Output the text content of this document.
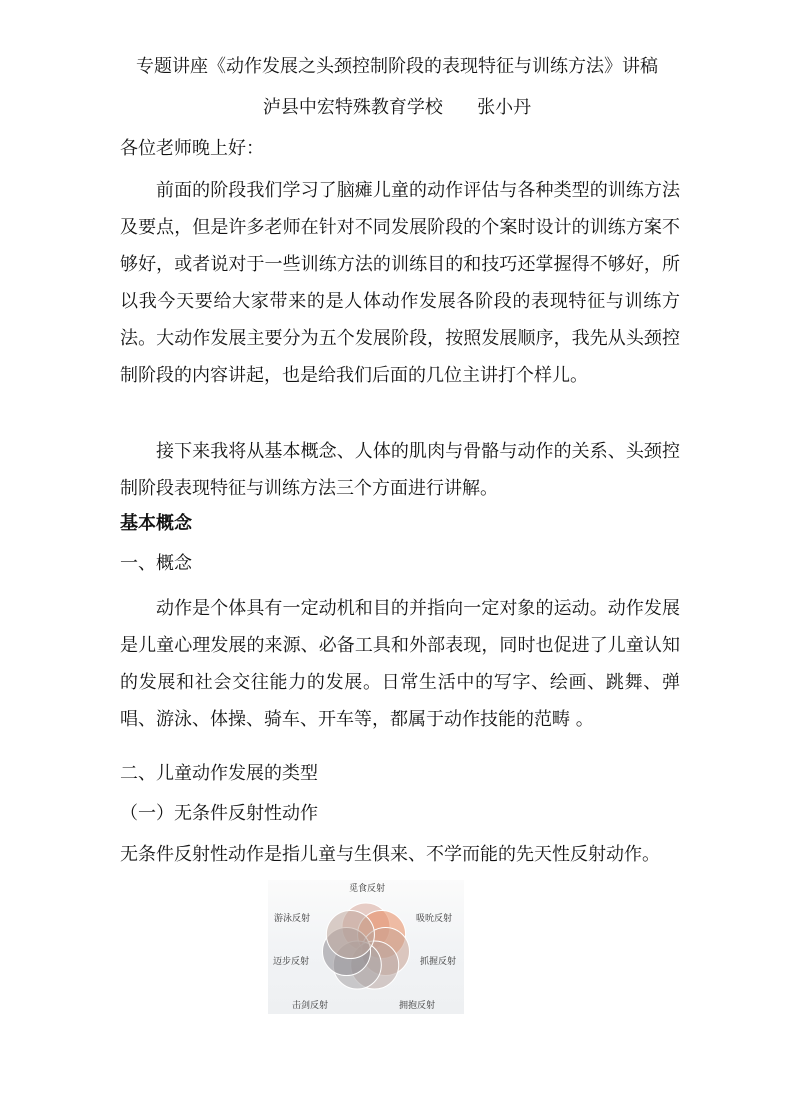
专题讲座《动作发展之头颈控制阶段的表现特征与训练方法》讲稿
泸县中宏特殊教育学校      张小丹
各位老师晚上好：
前面的阶段我们学习了脑瘫儿童的动作评估与各种类型的训练方法及要点，但是许多老师在针对不同发展阶段的个案时设计的训练方案不够好，或者说对于一些训练方法的训练目的和技巧还掌握得不够好，所以我今天要给大家带来的是人体动作发展各阶段的表现特征与训练方法。大动作发展主要分为五个发展阶段，按照发展顺序，我先从头颈控制阶段的内容讲起，也是给我们后面的几位主讲打个样儿。
接下来我将从基本概念、人体的肌肉与骨骼与动作的关系、头颈控制阶段表现特征与训练方法三个方面进行讲解。
基本概念
一、概念
动作是个体具有一定动机和目的并指向一定对象的运动。动作发展是儿童心理发展的来源、必备工具和外部表现，同时也促进了儿童认知的发展和社会交往能力的发展。日常生活中的写字、绘画、跳舞、弹唱、游泳、体操、骑车、开车等，都属于动作技能的范畴 。
二、儿童动作发展的类型
（一）无条件反射性动作
无条件反射性动作是指儿童与生俱来、不学而能的先天性反射动作。
觅食反射
吸吮反射
抓握反射
拥抱反射
击剑反射
迈步反射
游泳反射
